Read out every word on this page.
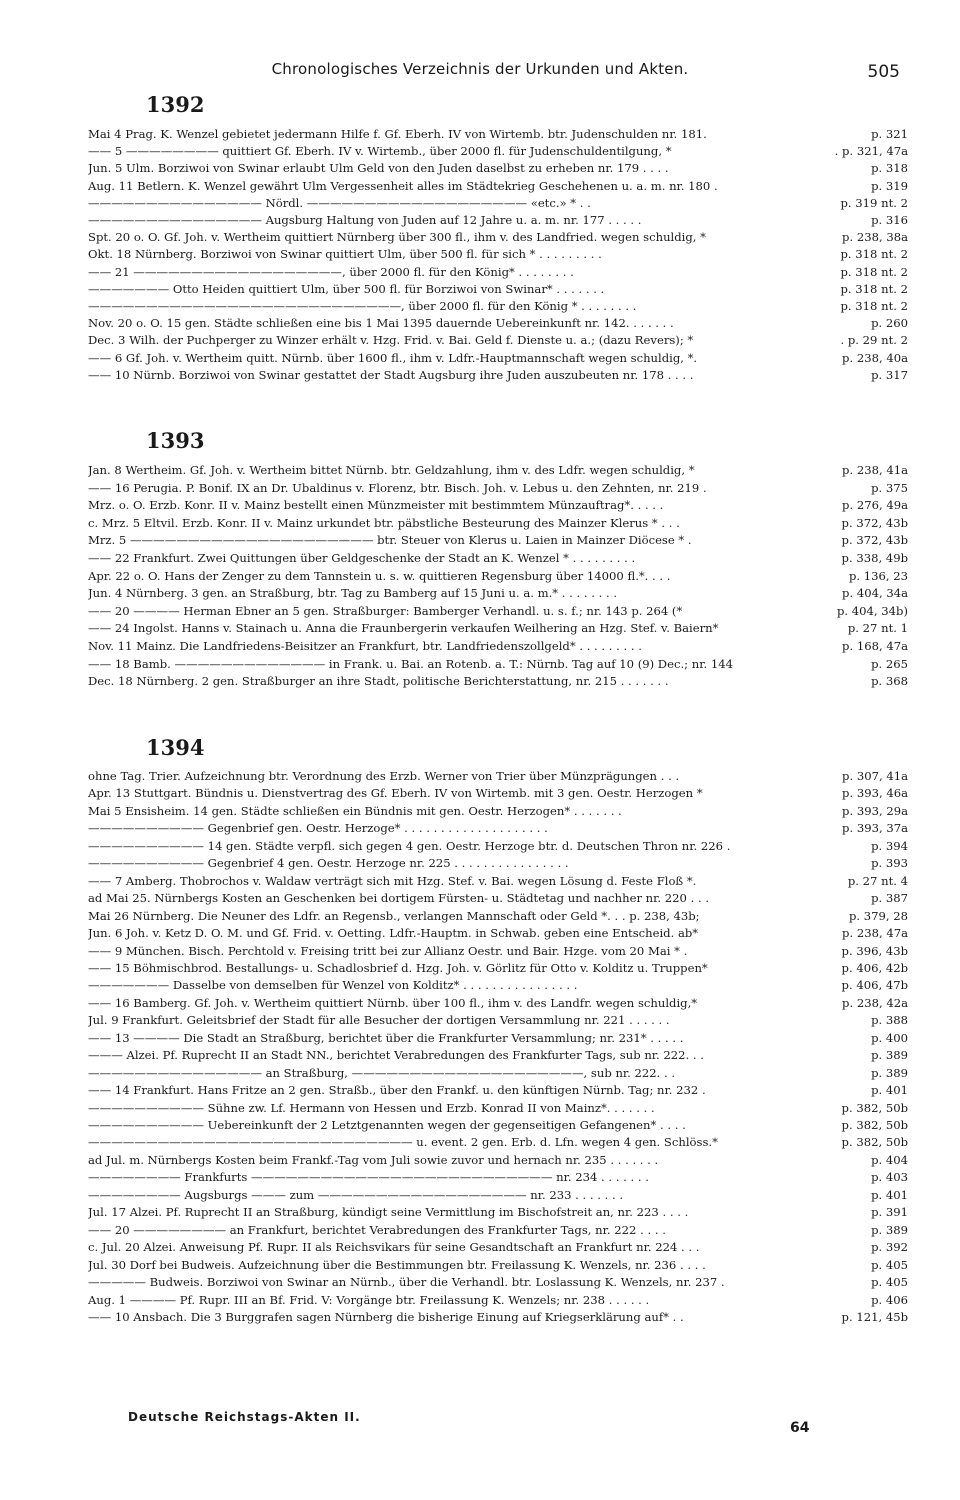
Chronologisches Verzeichnis der Urkunden und Akten.	505
1392
Mai 4 Prag. K. Wenzel gebietet jedermann Hilfe f. Gf. Eberh. IV von Wirtemb. btr. Judenschulden nr. 181.	p. 321
—— 5 ———————— quittiert Gf. Eberh. IV v. Wirtemb., über 2000 fl. für Judenschuldentilgung, *	. p. 321, 47a
Jun. 5 Ulm. Borziwoi von Swinar erlaubt Ulm Geld von den Juden daselbst zu erheben nr. 179 . . . .	p. 318
Aug. 11 Betlern. K. Wenzel gewährt Ulm Vergessenheit alles im Städtekrieg Geschehenen u. a. m. nr. 180 .	p. 319
——————————————— Nördl. ——————————————————— «etc.» * . .	p. 319 nt. 2
——————————————— Augsburg Haltung von Juden auf 12 Jahre u. a. m. nr. 177 . . . . .	p. 316
Spt. 20 o. O. Gf. Joh. v. Wertheim quittiert Nürnberg über 300 fl., ihm v. des Landfried. wegen schuldig, *	p. 238, 38a
Okt. 18 Nürnberg. Borziwoi von Swinar quittiert Ulm, über 500 fl. für sich * . . . . . . . . .	p. 318 nt. 2
—— 21 ——————————————————, über 2000 fl. für den König* . . . . . . . .	p. 318 nt. 2
——————— Otto Heiden quittiert Ulm, über 500 fl. für Borziwoi von Swinar* . . . . . . .	p. 318 nt. 2
———————————————————————————, über 2000 fl. für den König * . . . . . . . .	p. 318 nt. 2
Nov. 20 o. O. 15 gen. Städte schließen eine bis 1 Mai 1395 dauernde Uebereinkunft nr. 142. . . . . . .	p. 260
Dec. 3 Wilh. der Puchperger zu Winzer erhält v. Hzg. Frid. v. Bai. Geld f. Dienste u. a.; (dazu Revers); *	. p. 29 nt. 2
—— 6 Gf. Joh. v. Wertheim quitt. Nürnb. über 1600 fl., ihm v. Ldfr.-Hauptmannschaft wegen schuldig, *.	p. 238, 40a
—— 10 Nürnb. Borziwoi von Swinar gestattet der Stadt Augsburg ihre Juden auszubeuten nr. 178 . . . .	p. 317
1393
Jan. 8 Wertheim. Gf. Joh. v. Wertheim bittet Nürnb. btr. Geldzahlung, ihm v. des Ldfr. wegen schuldig, *	p. 238, 41a
—— 16 Perugia. P. Bonif. IX an Dr. Ubaldinus v. Florenz, btr. Bisch. Joh. v. Lebus u. den Zehnten, nr. 219 .	p. 375
Mrz. o. O. Erzb. Konr. II v. Mainz bestellt einen Münzmeister mit bestimmtem Münzauftrag*. . . . .	p. 276, 49a
c. Mrz. 5 Eltvil. Erzb. Konr. II v. Mainz urkundet btr. päbstliche Besteurung des Mainzer Klerus * . . .	p. 372, 43b
Mrz. 5 ————————————————————— btr. Steuer von Klerus u. Laien in Mainzer Diöcese * .	p. 372, 43b
—— 22 Frankfurt. Zwei Quittungen über Geldgeschenke der Stadt an K. Wenzel * . . . . . . . . .	p. 338, 49b
Apr. 22 o. O. Hans der Zenger zu dem Tannstein u. s. w. quittieren Regensburg über 14000 fl.*. . . .	p. 136, 23
Jun. 4 Nürnberg. 3 gen. an Straßburg, btr. Tag zu Bamberg auf 15 Juni u. a. m.* . . . . . . . .	p. 404, 34a
—— 20 ———— Herman Ebner an 5 gen. Straßburger: Bamberger Verhandl. u. s. f.; nr. 143 p. 264 (*	p. 404, 34b)
—— 24 Ingolst. Hanns v. Stainach u. Anna die Fraunbergerin verkaufen Weilhering an Hzg. Stef. v. Baiern*	p. 27 nt. 1
Nov. 11 Mainz. Die Landfriedens-Beisitzer an Frankfurt, btr. Landfriedenszollgeld* . . . . . . . . .	p. 168, 47a
—— 18 Bamb. ————————————— in Frank. u. Bai. an Rotenb. a. T.: Nürnb. Tag auf 10 (9) Dec.; nr. 144	p. 265
Dec. 18 Nürnberg. 2 gen. Straßburger an ihre Stadt, politische Berichterstattung, nr. 215 . . . . . . .	p. 368
1394
ohne Tag. Trier. Aufzeichnung btr. Verordnung des Erzb. Werner von Trier über Münzprägungen . . .	p. 307, 41a
Apr. 13 Stuttgart. Bündnis u. Dienstvertrag des Gf. Eberh. IV von Wirtemb. mit 3 gen. Oestr. Herzogen *	p. 393, 46a
Mai 5 Ensisheim. 14 gen. Städte schließen ein Bündnis mit gen. Oestr. Herzogen* . . . . . . .	p. 393, 29a
—————————— Gegenbrief gen. Oestr. Herzoge* . . . . . . . . . . . . . . . . . . . .	p. 393, 37a
—————————— 14 gen. Städte verpfl. sich gegen 4 gen. Oestr. Herzoge btr. d. Deutschen Thron nr. 226 .	p. 394
—————————— Gegenbrief 4 gen. Oestr. Herzoge nr. 225 . . . . . . . . . . . . . . . .	p. 393
—— 7 Amberg. Thobrochos v. Waldaw verträgt sich mit Hzg. Stef. v. Bai. wegen Lösung d. Feste Floß *.	p. 27 nt. 4
ad Mai 25. Nürnbergs Kosten an Geschenken bei dortigem Fürsten- u. Städtetag und nachher nr. 220 . . .	p. 387
Mai 26 Nürnberg. Die Neuner des Ldfr. an Regensb., verlangen Mannschaft oder Geld *. . . p. 238, 43b;	p. 379, 28
Jun. 6 Joh. v. Ketz D. O. M. und Gf. Frid. v. Oetting. Ldfr.-Hauptm. in Schwab. geben eine Entscheid. ab*	p. 238, 47a
—— 9 München. Bisch. Perchtold v. Freising tritt bei zur Allianz Oestr. und Bair. Hzge. vom 20 Mai * .	p. 396, 43b
—— 15 Böhmischbrod. Bestallungs- u. Schadlosbrief d. Hzg. Joh. v. Görlitz für Otto v. Kolditz u. Truppen*	p. 406, 42b
——————— Dasselbe von demselben für Wenzel von Kolditz* . . . . . . . . . . . . . . . .	p. 406, 47b
—— 16 Bamberg. Gf. Joh. v. Wertheim quittiert Nürnb. über 100 fl., ihm v. des Landfr. wegen schuldig,*	p. 238, 42a
Jul. 9 Frankfurt. Geleitsbrief der Stadt für alle Besucher der dortigen Versammlung nr. 221 . . . . . .	p. 388
—— 13 ———— Die Stadt an Straßburg, berichtet über die Frankfurter Versammlung; nr. 231* . . . . .	p. 400
——— Alzei. Pf. Ruprecht II an Stadt NN., berichtet Verabredungen des Frankfurter Tags, sub nr. 222. . .	p. 389
——————————————— an Straßburg, ————————————————————, sub nr. 222. . .	p. 389
—— 14 Frankfurt. Hans Fritze an 2 gen. Straßb., über den Frankf. u. den künftigen Nürnb. Tag; nr. 232 .	p. 401
—————————— Sühne zw. Lf. Hermann von Hessen und Erzb. Konrad II von Mainz*. . . . . . .	p. 382, 50b
—————————— Uebereinkunft der 2 Letztgenannten wegen der gegenseitigen Gefangenen* . . . .	p. 382, 50b
———————————————————————————— u. event. 2 gen. Erb. d. Lfn. wegen 4 gen. Schlöss.*	p. 382, 50b
ad Jul. m. Nürnbergs Kosten beim Frankf.-Tag vom Juli sowie zuvor und hernach nr. 235 . . . . . . .	p. 404
———————— Frankfurts —————————————————————————— nr. 234 . . . . . . .	p. 403
———————— Augsburgs ——— zum —————————————————— nr. 233 . . . . . . .	p. 401
Jul. 17 Alzei. Pf. Ruprecht II an Straßburg, kündigt seine Vermittlung im Bischofstreit an, nr. 223 . . . .	p. 391
—— 20 ———————— an Frankfurt, berichtet Verabredungen des Frankfurter Tags, nr. 222 . . . .	p. 389
c. Jul. 20 Alzei. Anweisung Pf. Rupr. II als Reichsvikars für seine Gesandtschaft an Frankfurt nr. 224 . . .	p. 392
Jul. 30 Dorf bei Budweis. Aufzeichnung über die Bestimmungen btr. Freilassung K. Wenzels, nr. 236 . . . .	p. 405
————— Budweis. Borziwoi von Swinar an Nürnb., über die Verhandl. btr. Loslassung K. Wenzels, nr. 237 .	p. 405
Aug. 1 ———— Pf. Rupr. III an Bf. Frid. V: Vorgänge btr. Freilassung K. Wenzels; nr. 238 . . . . . .	p. 406
—— 10 Ansbach. Die 3 Burggrafen sagen Nürnberg die bisherige Einung auf Kriegserklärung auf* . .	p. 121, 45b
Deutsche Reichstags-Akten II.
64
